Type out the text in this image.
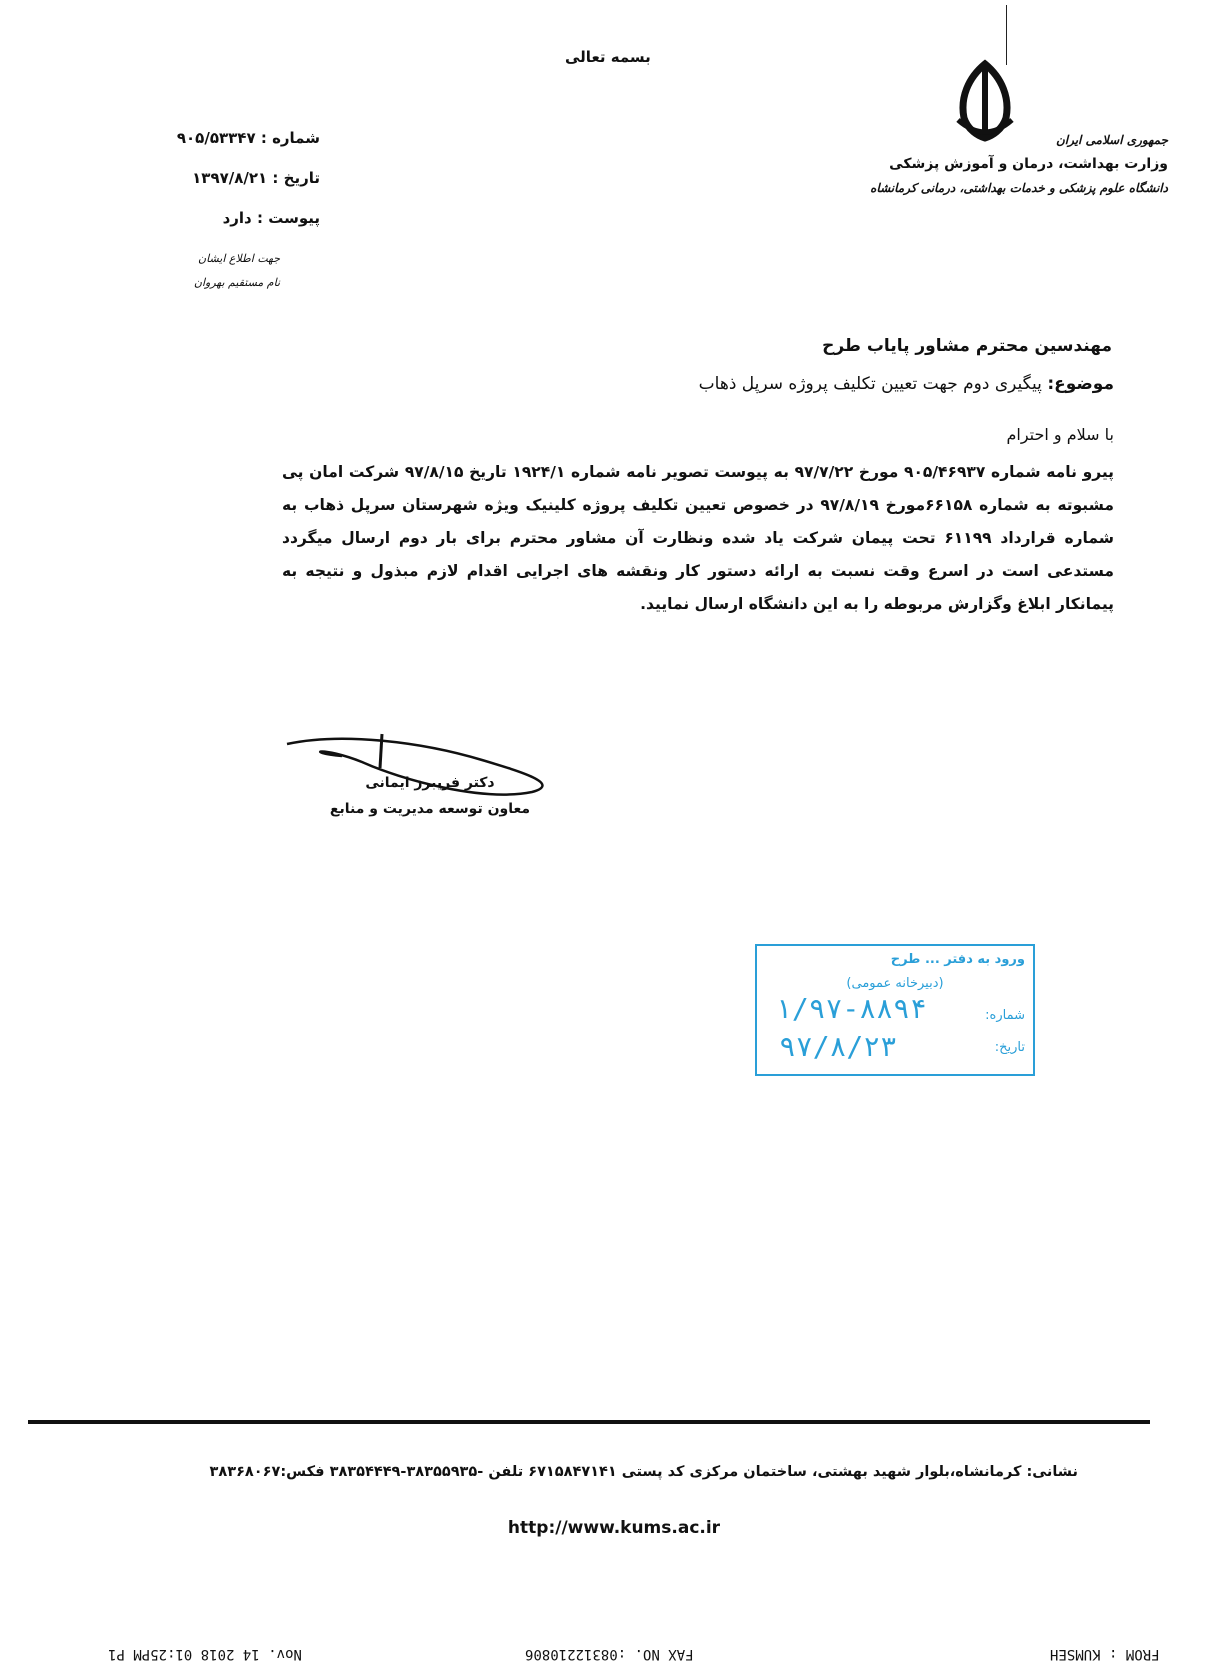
بسمه تعالی
جمهوری اسلامی ایران
وزارت بهداشت، درمان و آموزش پزشکی
دانشگاه علوم پزشکی و خدمات بهداشتی، درمانی کرمانشاه
شماره : ۹۰۵/۵۳۳۴۷
تاریخ : ۱۳۹۷/۸/۲۱
پیوست : دارد
جهت اطلاع ایشان
نام مستقیم بهروان
مهندسین محترم مشاور پایاب طرح
موضوع: پیگیری دوم جهت تعیین تکلیف پروژه سرپل ذهاب
با سلام و احترام
پیرو نامه شماره ۹۰۵/۴۶۹۳۷ مورخ ۹۷/۷/۲۲ به پیوست تصویر نامه شماره ۱۹۲۴/۱ تاریخ ۹۷/۸/۱۵ شرکت امان پی مشبوته به شماره ۶۶۱۵۸مورخ ۹۷/۸/۱۹ در خصوص تعیین تکلیف پروژه کلینیک ویژه شهرستان سرپل ذهاب به شماره قرارداد ۶۱۱۹۹ تحت پیمان شرکت یاد شده ونظارت آن مشاور محترم برای بار دوم ارسال میگردد مستدعی است در اسرع وقت نسبت به ارائه دستور کار ونقشه های اجرایی اقدام لازم مبذول و نتیجه به پیمانکار ابلاغ وگزارش مربوطه را به این دانشگاه ارسال نمایید.
دکتر فریبرز ایمانی
معاون توسعه مدیریت و منابع
ورود به دفتر ... طرح
(دبیرخانه عمومی)
شماره:
تاریخ:
۱/۹۷-۸۸۹۴
۹۷/۸/۲۳
نشانی: کرمانشاه،بلوار شهید بهشتی، ساختمان مرکزی کد پستی ۶۷۱۵۸۴۷۱۴۱ تلفن -۳۸۳۵۵۹۳۵-۳۸۳۵۴۴۴۹ فکس:۳۸۳۶۸۰۶۷
http://www.kums.ac.ir
Nov. 14 2018 01:25PM P1	FAX NO. :08312210806	FROM : KUMSEH
